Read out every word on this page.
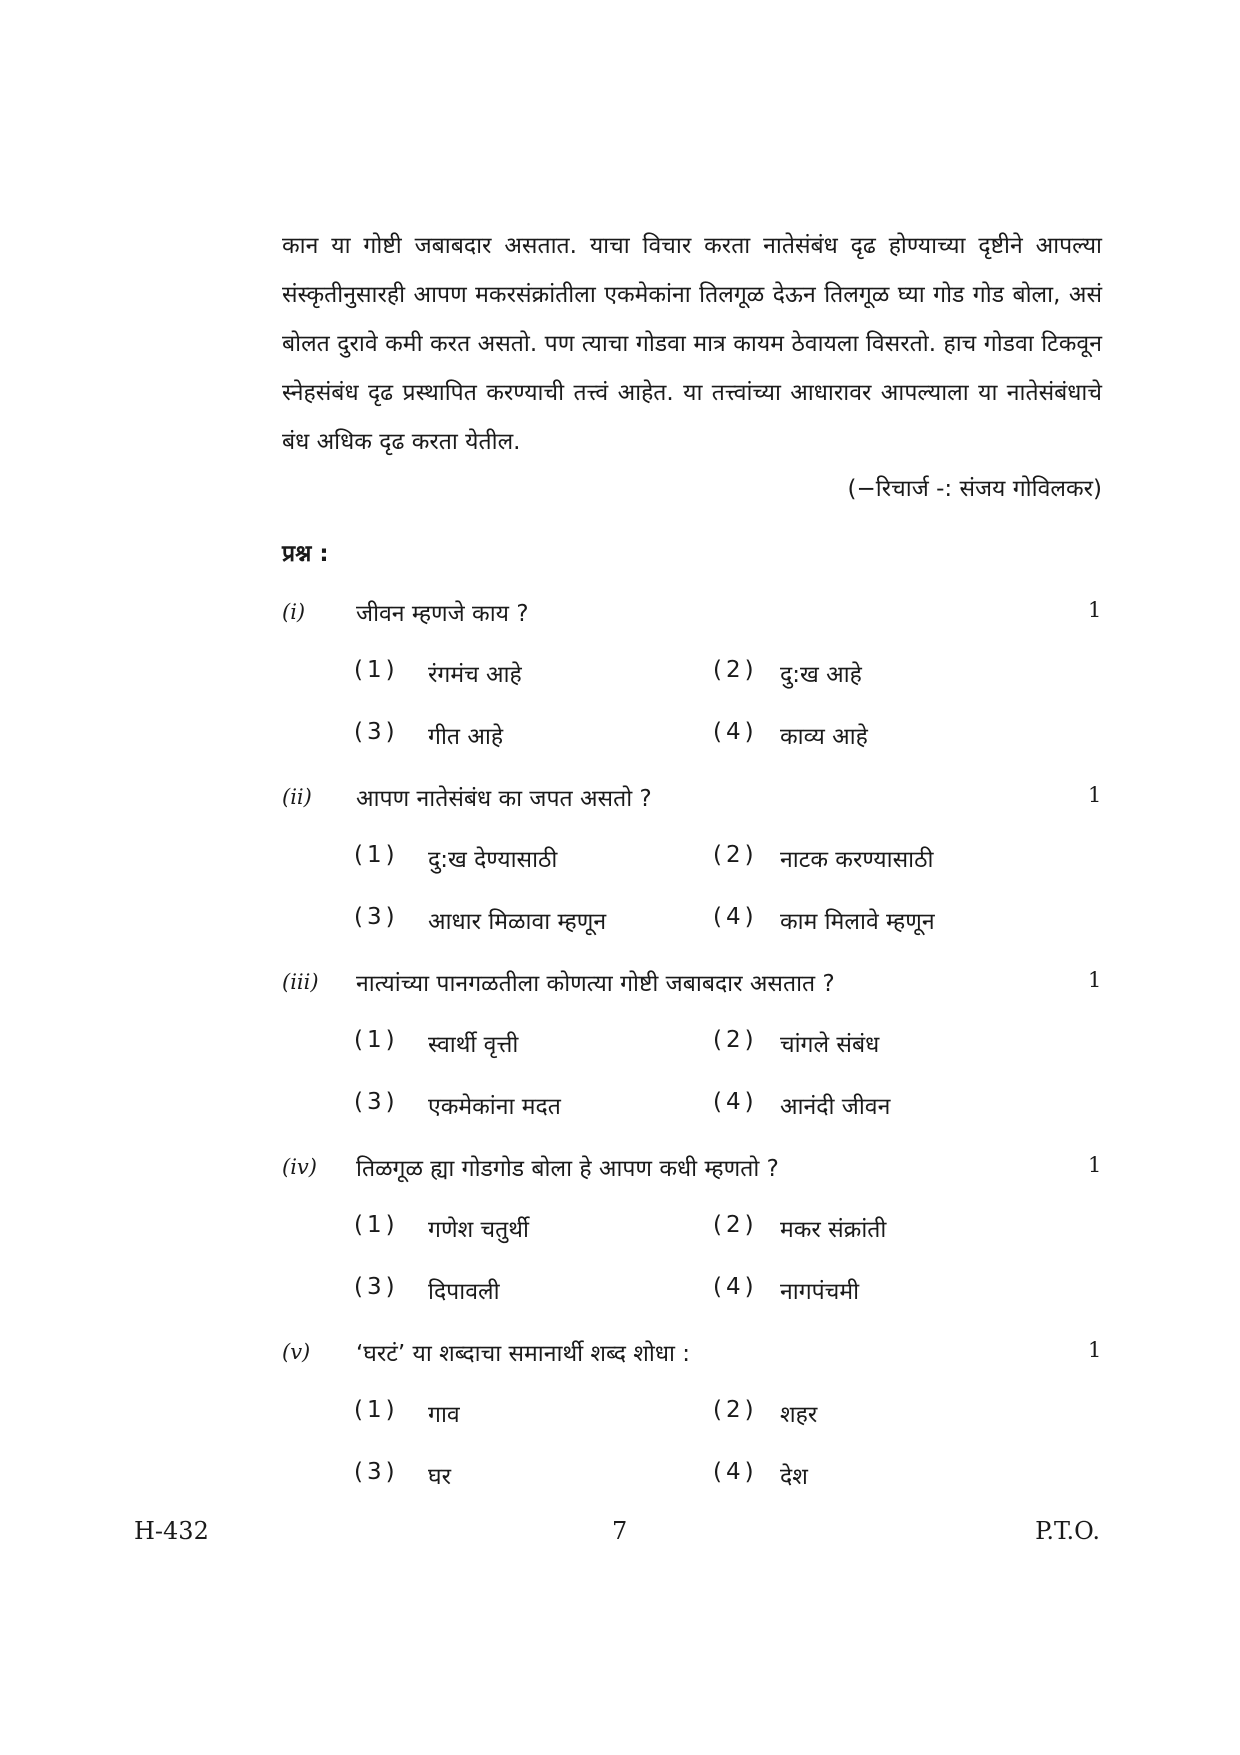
कान या गोष्टी जबाबदार असतात. याचा विचार करता नातेसंबंध दृढ होण्याच्या दृष्टीने आपल्या संस्कृतीनुसारही आपण मकरसंक्रांतीला एकमेकांना तिलगूळ देऊन तिलगूळ घ्या गोड गोड बोला, असं बोलत दुरावे कमी करत असतो. पण त्याचा गोडवा मात्र कायम ठेवायला विसरतो. हाच गोडवा टिकवून स्नेहसंबंध दृढ प्रस्थापित करण्याची तत्त्वं आहेत. या तत्त्वांच्या आधारावर आपल्याला या नातेसंबंधाचे बंध अधिक दृढ करता येतील.

(−रिचार्ज -: संजय गोविलकर)
प्रश्न :
(i) जीवन म्हणजे काय ?	1
(1) रंगमंच आहे	(2) दु:ख आहे
(3) गीत आहे	(4) काव्य आहे
(ii) आपण नातेसंबंध का जपत असतो ?	1
(1) दु:ख देण्यासाठी	(2) नाटक करण्यासाठी
(3) आधार मिळावा म्हणून	(4) काम मिलावे म्हणून
(iii) नात्यांच्या पानगळतीला कोणत्या गोष्टी जबाबदार असतात ?	1
(1) स्वार्थी वृत्ती	(2) चांगले संबंध
(3) एकमेकांना मदत	(4) आनंदी जीवन
(iv) तिळगूळ ह्या गोडगोड बोला हे आपण कधी म्हणतो ?	1
(1) गणेश चतुर्थी	(2) मकर संक्रांती
(3) दिपावली	(4) नागपंचमी
(v) ‘घरटं’ या शब्दाचा समानार्थी शब्द शोधा :	1
(1) गाव	(2) शहर
(3) घर	(4) देश
H-432	7	P.T.O.
